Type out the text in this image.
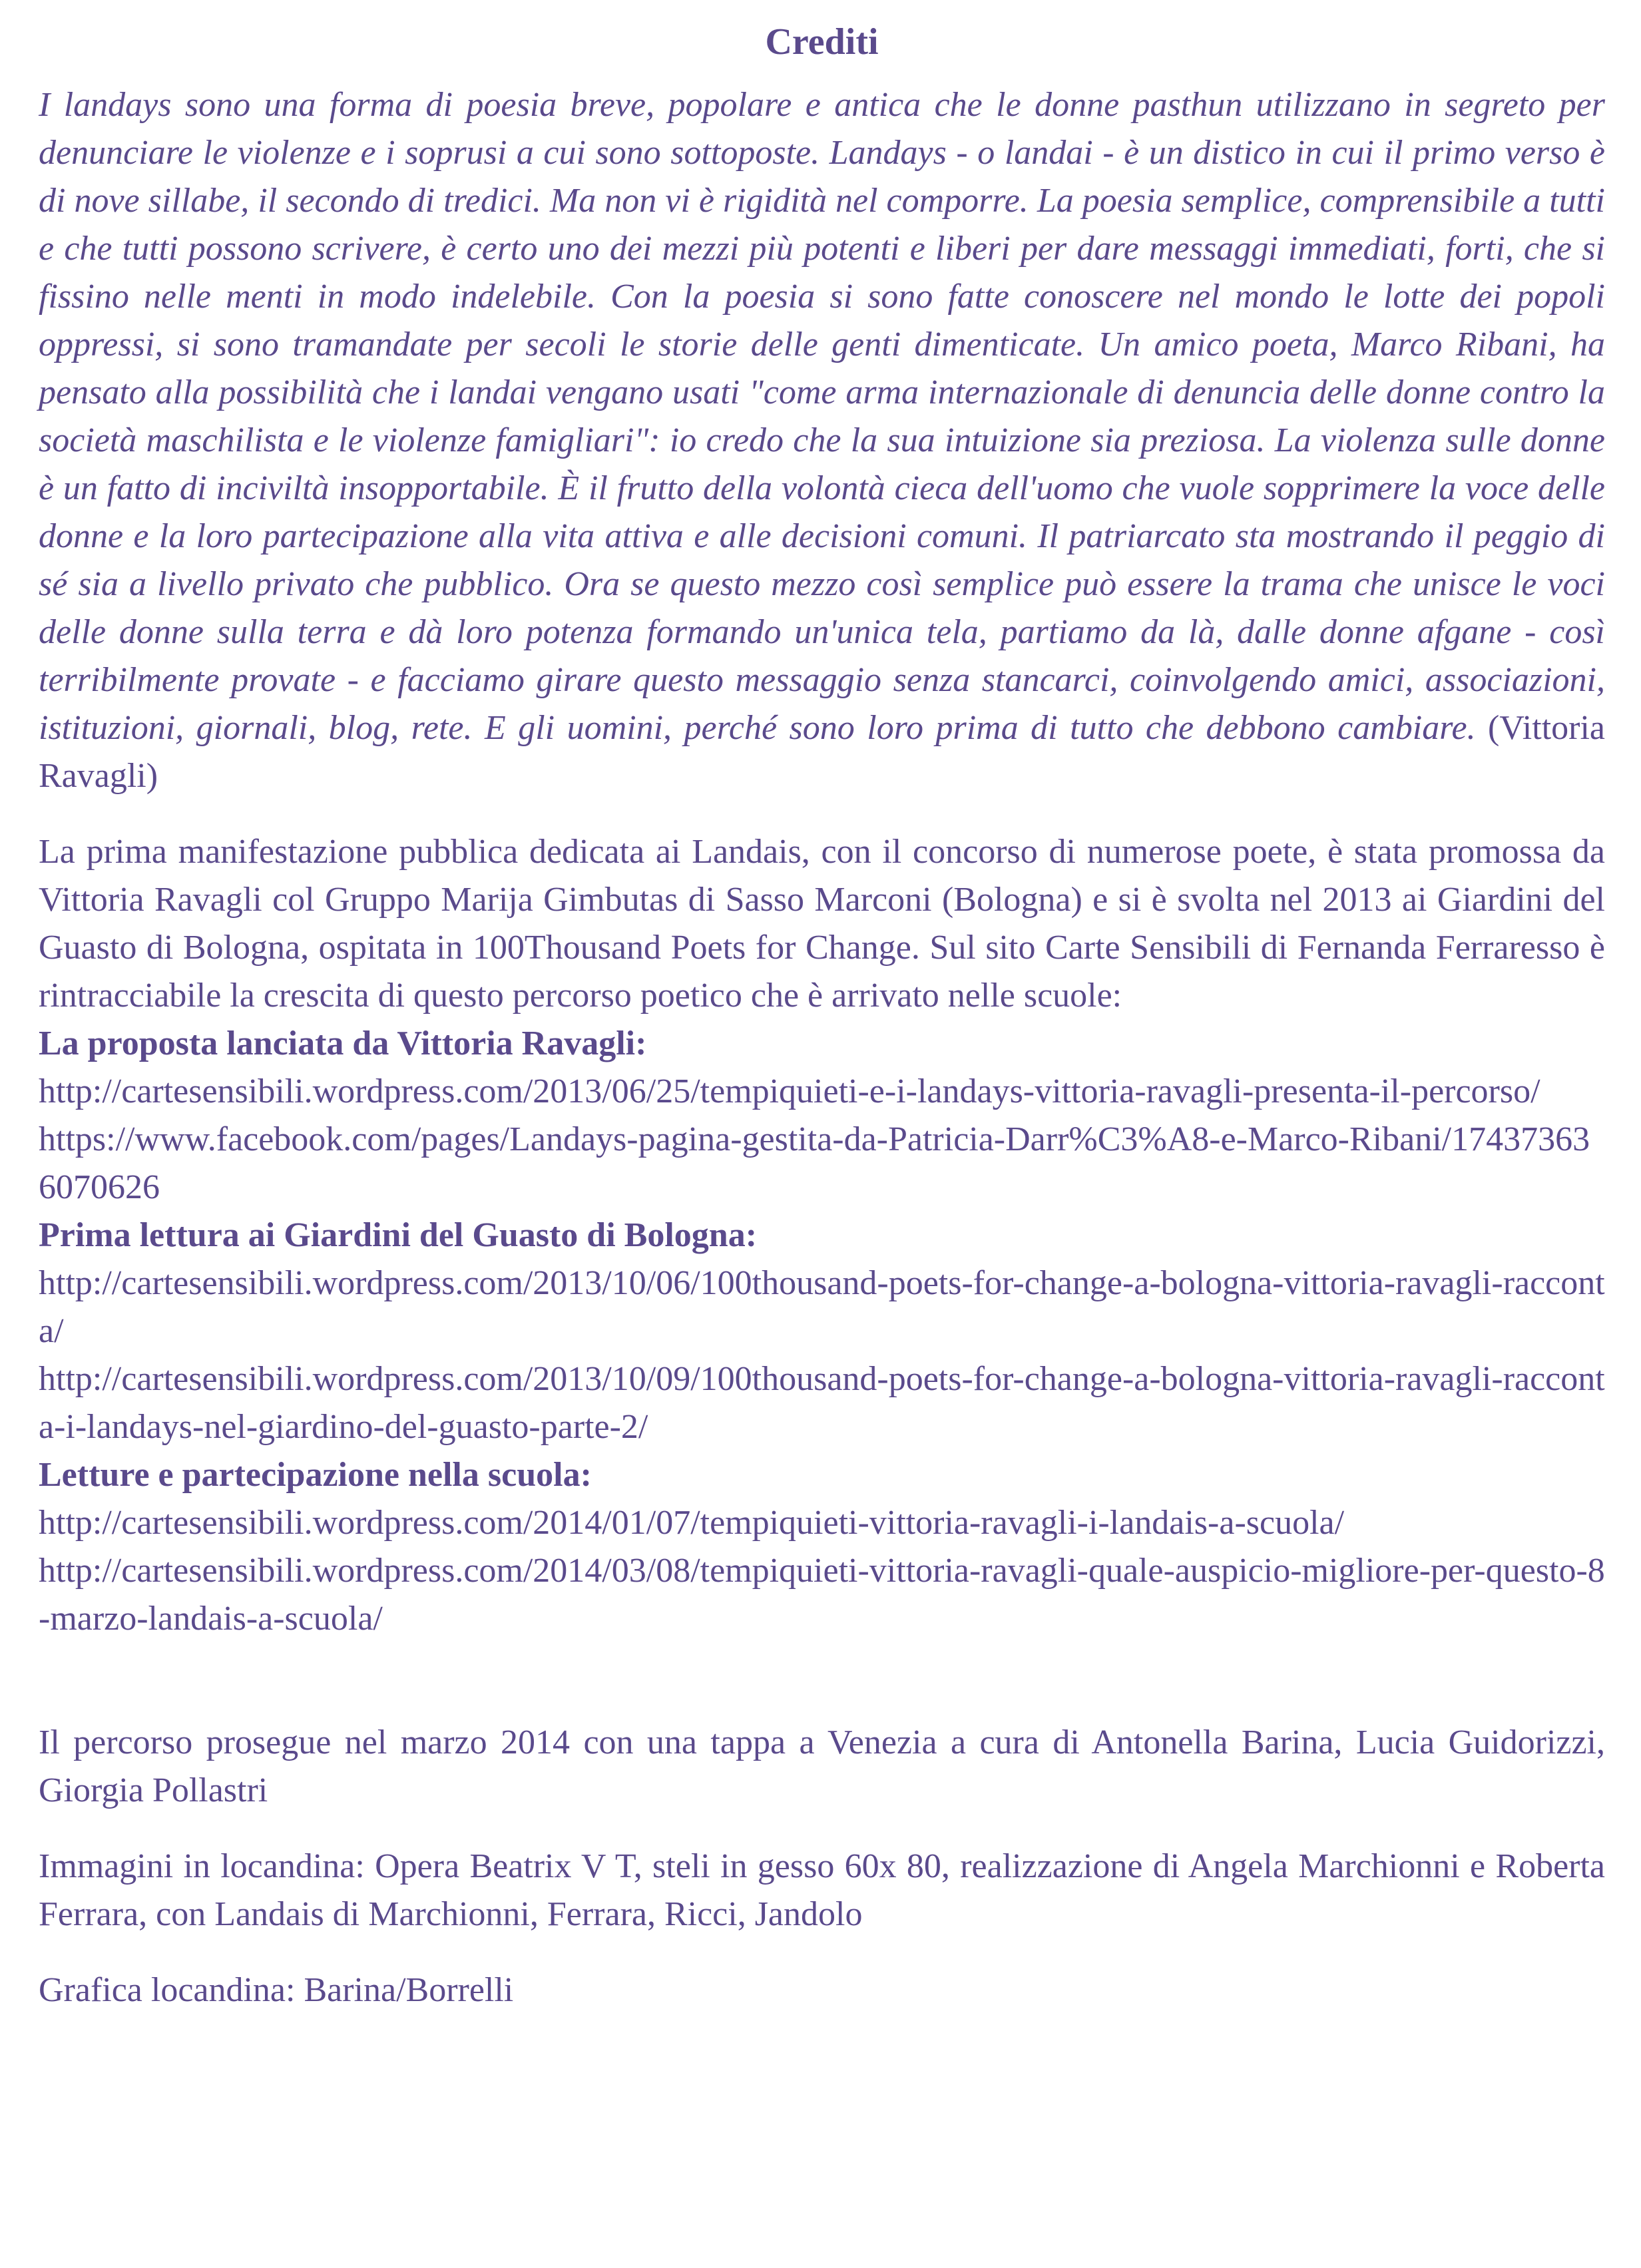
Crediti

I landays sono una forma di poesia breve, popolare e antica che le donne pasthun utilizzano in segreto per denunciare le violenze e i soprusi a cui sono sottoposte. Landays - o landai - è un distico in cui il primo verso è di nove sillabe, il secondo di tredici. Ma non vi è rigidità nel comporre. La poesia semplice, comprensibile a tutti e che tutti possono scrivere, è certo uno dei mezzi più potenti e liberi per dare messaggi immediati, forti, che si fissino nelle menti in modo indelebile. Con la poesia si sono fatte conoscere nel mondo le lotte dei popoli oppressi, si sono tramandate per secoli le storie delle genti dimenticate. Un amico poeta, Marco Ribani, ha pensato alla possibilità che i landai vengano usati "come arma internazionale di denuncia delle donne contro la società maschilista e le violenze famigliari": io credo che la sua intuizione sia preziosa. La violenza sulle donne è un fatto di inciviltà insopportabile. È il frutto della volontà cieca dell'uomo che vuole sopprimere la voce delle donne e la loro partecipazione alla vita attiva e alle decisioni comuni. Il patriarcato sta mostrando il peggio di sé sia a livello privato che pubblico. Ora se questo mezzo così semplice può essere la trama che unisce le voci delle donne sulla terra e dà loro potenza formando un'unica tela, partiamo da là, dalle donne afgane - così terribilmente provate - e facciamo girare questo messaggio senza stancarci, coinvolgendo amici, associazioni, istituzioni, giornali, blog, rete. E gli uomini, perché sono loro prima di tutto che debbono cambiare. (Vittoria Ravagli)

La prima manifestazione pubblica dedicata ai Landais, con il concorso di numerose poete, è stata promossa da Vittoria Ravagli col Gruppo Marija Gimbutas di Sasso Marconi (Bologna) e si è svolta nel 2013 ai Giardini del Guasto di Bologna, ospitata in 100Thousand Poets for Change. Sul sito Carte Sensibili di Fernanda Ferraresso è rintracciabile la crescita di questo percorso poetico che è arrivato nelle scuole:

La proposta lanciata da Vittoria Ravagli:

http://cartesensibili.wordpress.com/2013/06/25/tempiquieti-e-i-landays-vittoria-ravagli-presenta-il-percorso/
https://www.facebook.com/pages/Landays-pagina-gestita-da-Patricia-Darr%C3%A8-e-Marco-Ribani/174373636070626

Prima lettura ai Giardini del Guasto di Bologna:

http://cartesensibili.wordpress.com/2013/10/06/100thousand-poets-for-change-a-bologna-vittoria-ravagli-racconta/
http://cartesensibili.wordpress.com/2013/10/09/100thousand-poets-for-change-a-bologna-vittoria-ravagli-racconta-i-landays-nel-giardino-del-guasto-parte-2/

Letture e partecipazione nella scuola:

http://cartesensibili.wordpress.com/2014/01/07/tempiquieti-vittoria-ravagli-i-landais-a-scuola/
http://cartesensibili.wordpress.com/2014/03/08/tempiquieti-vittoria-ravagli-quale-auspicio-migliore-per-questo-8-marzo-landais-a-scuola/

Il percorso prosegue nel marzo 2014 con una tappa a Venezia a cura di Antonella Barina, Lucia Guidorizzi, Giorgia Pollastri

Immagini in locandina: Opera Beatrix V T, steli in gesso 60x 80, realizzazione di Angela Marchionni e Roberta Ferrara, con Landais di Marchionni, Ferrara, Ricci, Jandolo

Grafica locandina: Barina/Borrelli
